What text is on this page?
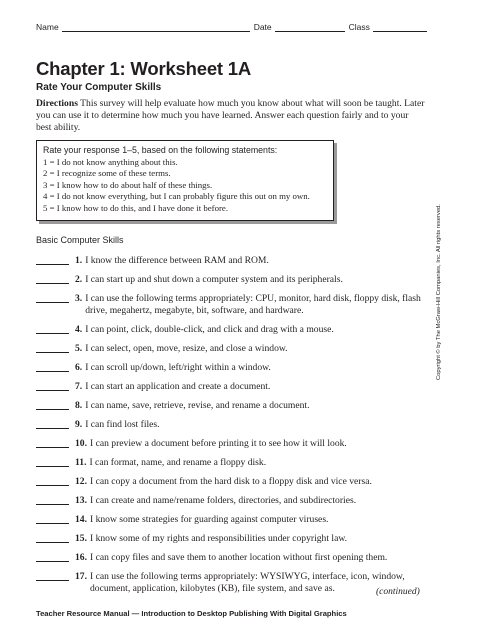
Name	Date	Class
Chapter 1: Worksheet 1A
Rate Your Computer Skills
Directions This survey will help evaluate how much you know about what will soon be taught. Later you can use it to determine how much you have learned. Answer each question fairly and to your best ability.
Rate your response 1–5, based on the following statements:
1 = I do not know anything about this.
2 = I recognize some of these terms.
3 = I know how to do about half of these things.
4 = I do not know everything, but I can probably figure this out on my own.
5 = I know how to do this, and I have done it before.
Basic Computer Skills
1. I know the difference between RAM and ROM.
2. I can start up and shut down a computer system and its peripherals.
3. I can use the following terms appropriately: CPU, monitor, hard disk, floppy disk, flash drive, megahertz, megabyte, bit, software, and hardware.
4. I can point, click, double-click, and click and drag with a mouse.
5. I can select, open, move, resize, and close a window.
6. I can scroll up/down, left/right within a window.
7. I can start an application and create a document.
8. I can name, save, retrieve, revise, and rename a document.
9. I can find lost files.
10. I can preview a document before printing it to see how it will look.
11. I can format, name, and rename a floppy disk.
12. I can copy a document from the hard disk to a floppy disk and vice versa.
13. I can create and name/rename folders, directories, and subdirectories.
14. I know some strategies for guarding against computer viruses.
15. I know some of my rights and responsibilities under copyright law.
16. I can copy files and save them to another location without first opening them.
17. I can use the following terms appropriately: WYSIWYG, interface, icon, window, document, application, kilobytes (KB), file system, and save as.	(continued)
Teacher Resource Manual — Introduction to Desktop Publishing With Digital Graphics
Copyright © by The McGraw-Hill Companies, Inc. All rights reserved.
